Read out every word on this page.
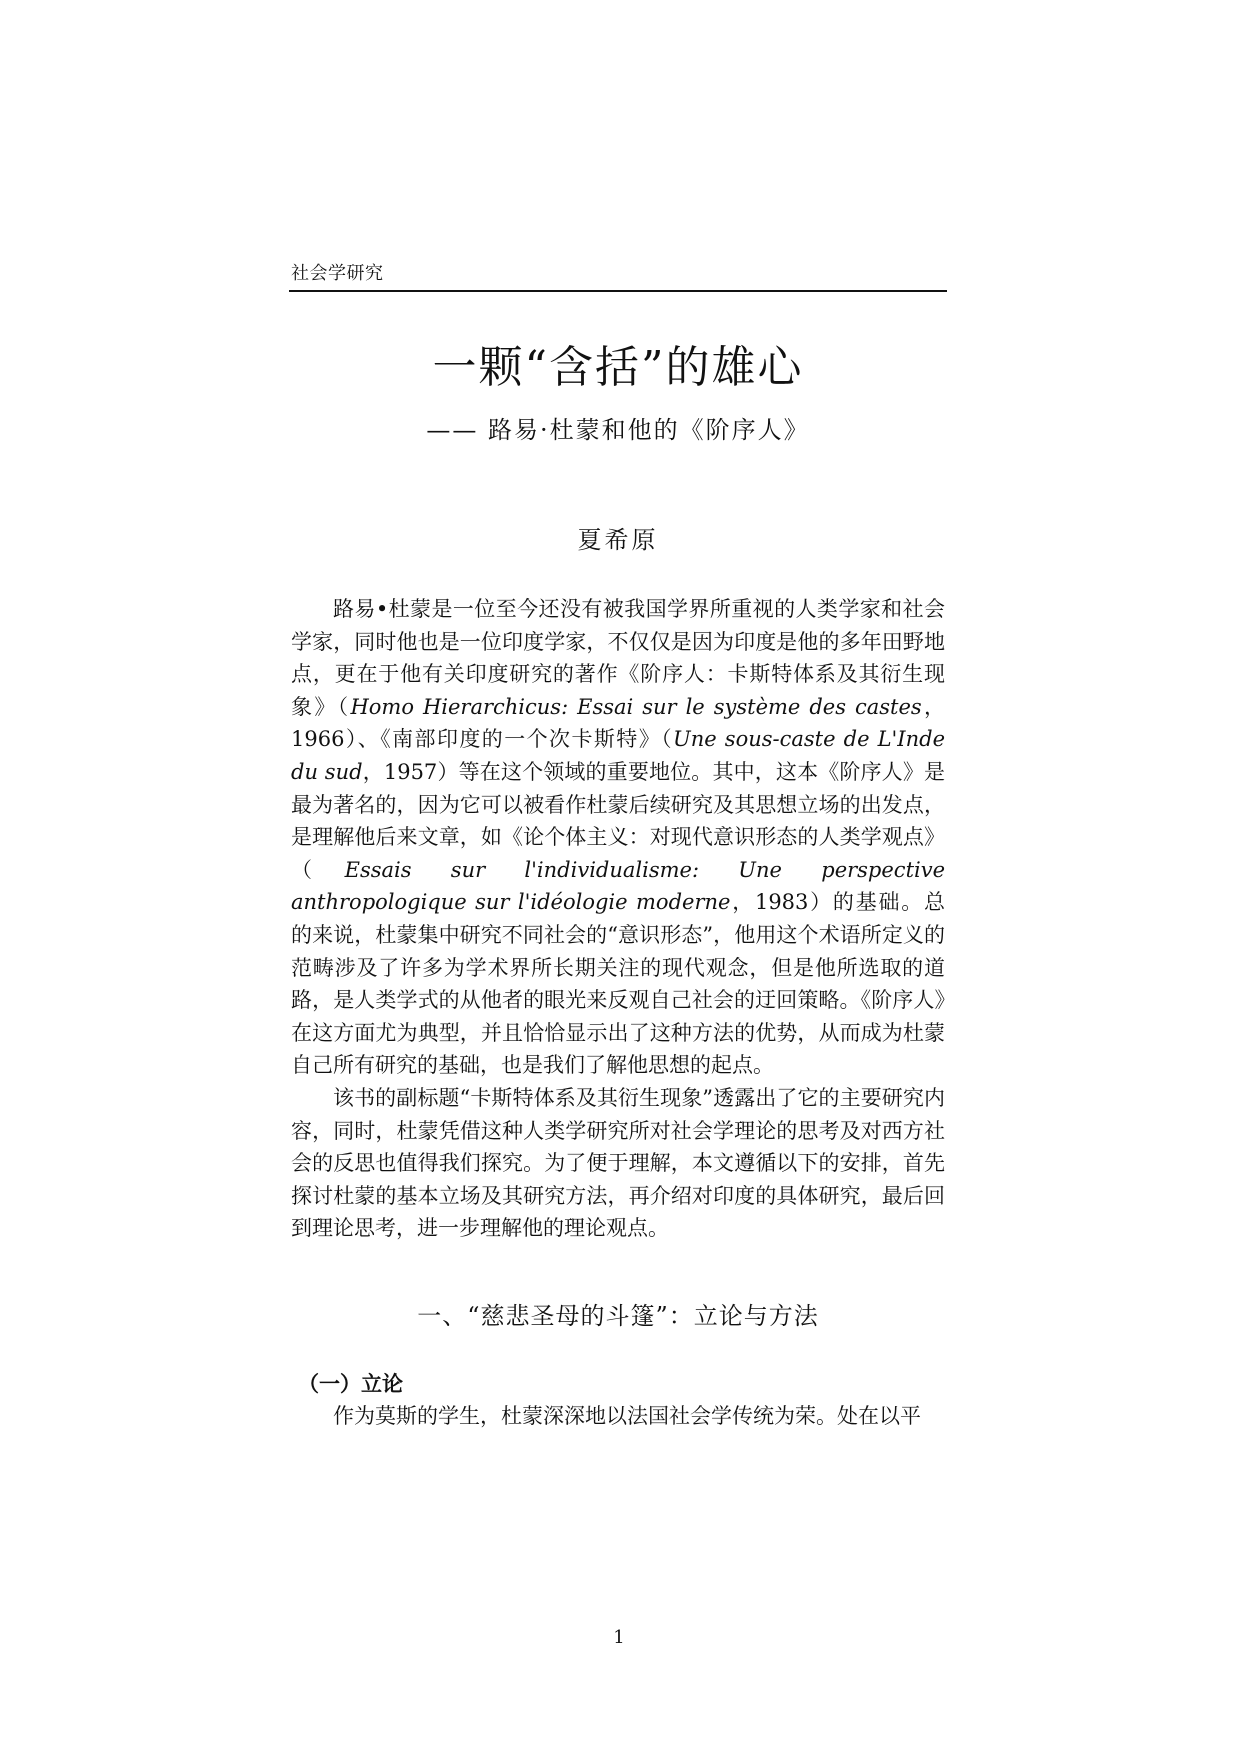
社会学研究
一颗“含括”的雄心
—— 路易·杜蒙和他的《阶序人》
夏希原

路易•杜蒙是一位至今还没有被我国学界所重视的人类学家和社会学家，同时他也是一位印度学家，不仅仅是因为印度是他的多年田野地点，更在于他有关印度研究的著作《阶序人：卡斯特体系及其衍生现象》（Homo Hierarchicus: Essai sur le système des castes，1966）、《南部印度的一个次卡斯特》（Une sous-caste de L'Inde du sud，1957）等在这个领域的重要地位。其中，这本《阶序人》是最为著名的，因为它可以被看作杜蒙后续研究及其思想立场的出发点，是理解他后来文章，如《论个体主义：对现代意识形态的人类学观点》（Essais sur l'individualisme: Une perspective anthropologique sur l'idéologie moderne，1983）的基础。总的来说，杜蒙集中研究不同社会的“意识形态”，他用这个术语所定义的范畴涉及了许多为学术界所长期关注的现代观念，但是他所选取的道路，是人类学式的从他者的眼光来反观自己社会的迂回策略。《阶序人》在这方面尤为典型，并且恰恰显示出了这种方法的优势，从而成为杜蒙自己所有研究的基础，也是我们了解他思想的起点。

该书的副标题“卡斯特体系及其衍生现象”透露出了它的主要研究内容，同时，杜蒙凭借这种人类学研究所对社会学理论的思考及对西方社会的反思也值得我们探究。为了便于理解，本文遵循以下的安排，首先探讨杜蒙的基本立场及其研究方法，再介绍对印度的具体研究，最后回到理论思考，进一步理解他的理论观点。

一、“慈悲圣母的斗篷”：立论与方法
（一）立论

作为莫斯的学生，杜蒙深深地以法国社会学传统为荣。处在以平

1
